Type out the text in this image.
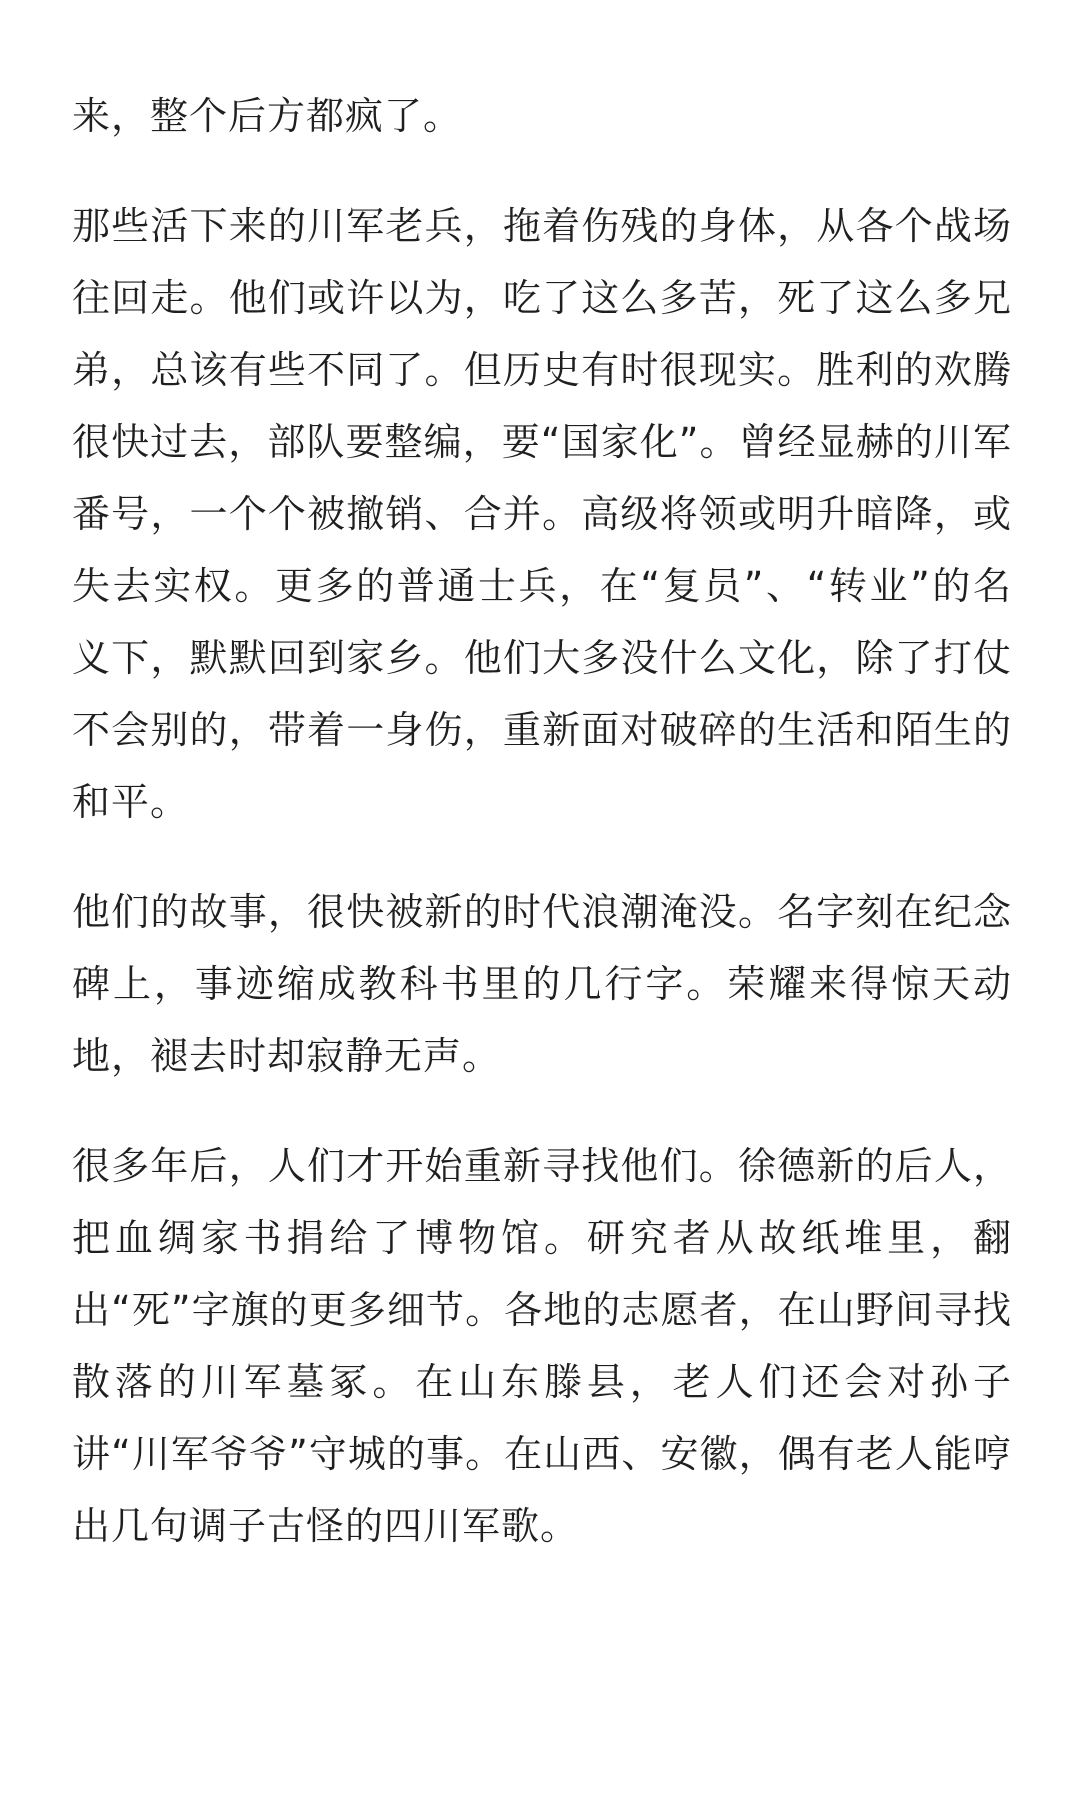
来，整个后方都疯了。

那些活下来的川军老兵，拖着伤残的身体，从各个战场往回走。他们或许以为，吃了这么多苦，死了这么多兄弟，总该有些不同了。但历史有时很现实。胜利的欢腾很快过去，部队要整编，要“国家化”。曾经显赫的川军番号，一个个被撤销、合并。高级将领或明升暗降，或失去实权。更多的普通士兵，在“复员”、“转业”的名义下，默默回到家乡。他们大多没什么文化，除了打仗不会别的，带着一身伤，重新面对破碎的生活和陌生的和平。

他们的故事，很快被新的时代浪潮淹没。名字刻在纪念碑上，事迹缩成教科书里的几行字。荣耀来得惊天动地，褪去时却寂静无声。

很多年后，人们才开始重新寻找他们。徐德新的后人，把血绸家书捐给了博物馆。研究者从故纸堆里，翻出“死”字旗的更多细节。各地的志愿者，在山野间寻找散落的川军墓冢。在山东滕县，老人们还会对孙子讲“川军爷爷”守城的事。在山西、安徽，偶有老人能哼出几句调子古怪的四川军歌。
